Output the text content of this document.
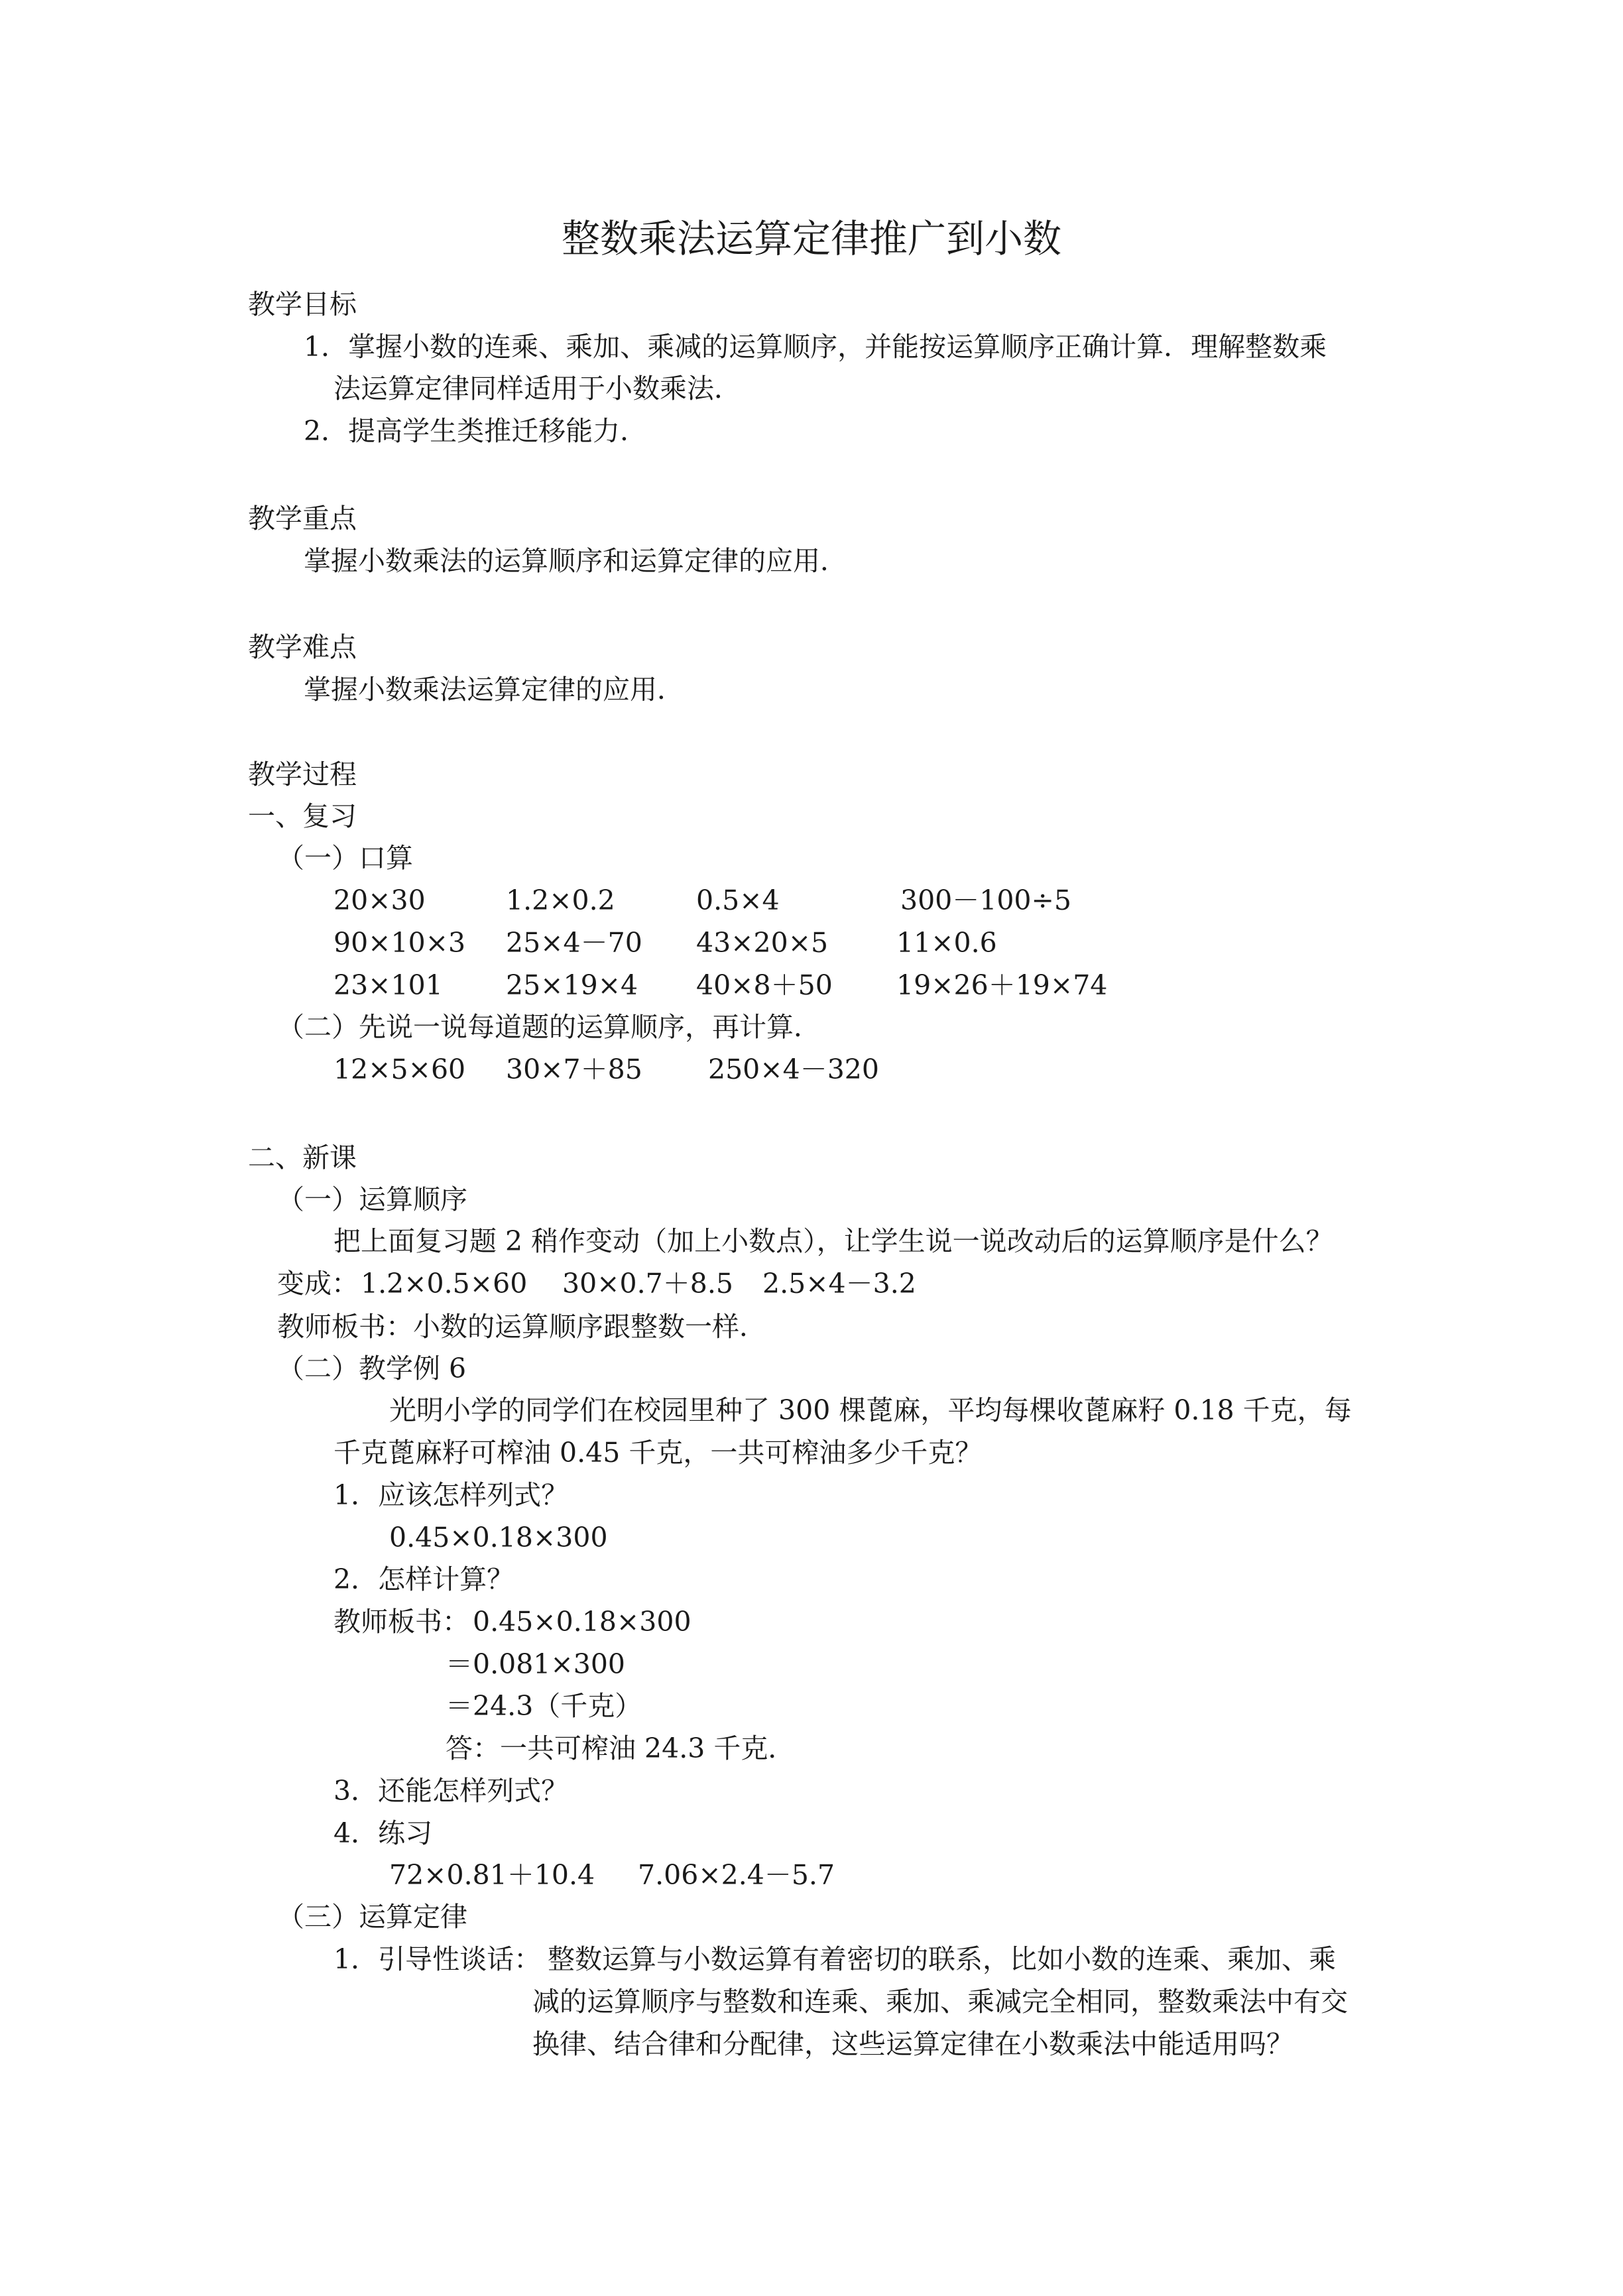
整数乘法运算定律推广到小数
教学目标
1．掌握小数的连乘、乘加、乘减的运算顺序，并能按运算顺序正确计算．理解整数乘
法运算定律同样适用于小数乘法．
2．提高学生类推迁移能力．
教学重点
掌握小数乘法的运算顺序和运算定律的应用．
教学难点
掌握小数乘法运算定律的应用．
教学过程
一、复习
（一）口算
20×30	1.2×0.2	0.5×4	300－100÷5
90×10×3 25×4－70 43×20×5	11×0.6
23×101 25×19×4 40×8＋50 19×26＋19×74
（二）先说一说每道题的运算顺序，再计算．
12×5×60 30×7＋85 250×4－320
二、新课
（一）运算顺序
把上面复习题 2 稍作变动（加上小数点），让学生说一说改动后的运算顺序是什么？
变成： 1.2×0.5×60 30×0.7＋8.5 2.5×4－3.2
教师板书：小数的运算顺序跟整数一样．
（二）教学例 6
光明小学的同学们在校园里种了 300 棵蓖麻，平均每棵收蓖麻籽 0.18 千克，每
千克蓖麻籽可榨油 0.45 千克，一共可榨油多少千克？
1．应该怎样列式？
0.45×0.18×300
2．怎样计算？
教师板书： 0.45×0.18×300
＝0.081×300
＝24.3（千克）
答：一共可榨油 24.3 千克．
3．还能怎样列式？
4．练习
72×0.81＋10.4 7.06×2.4－5.7
（三）运算定律
1．引导性谈话： 整数运算与小数运算有着密切的联系，比如小数的连乘、乘加、乘
减的运算顺序与整数和连乘、乘加、乘减完全相同，整数乘法中有交
换律、结合律和分配律，这些运算定律在小数乘法中能适用吗？
